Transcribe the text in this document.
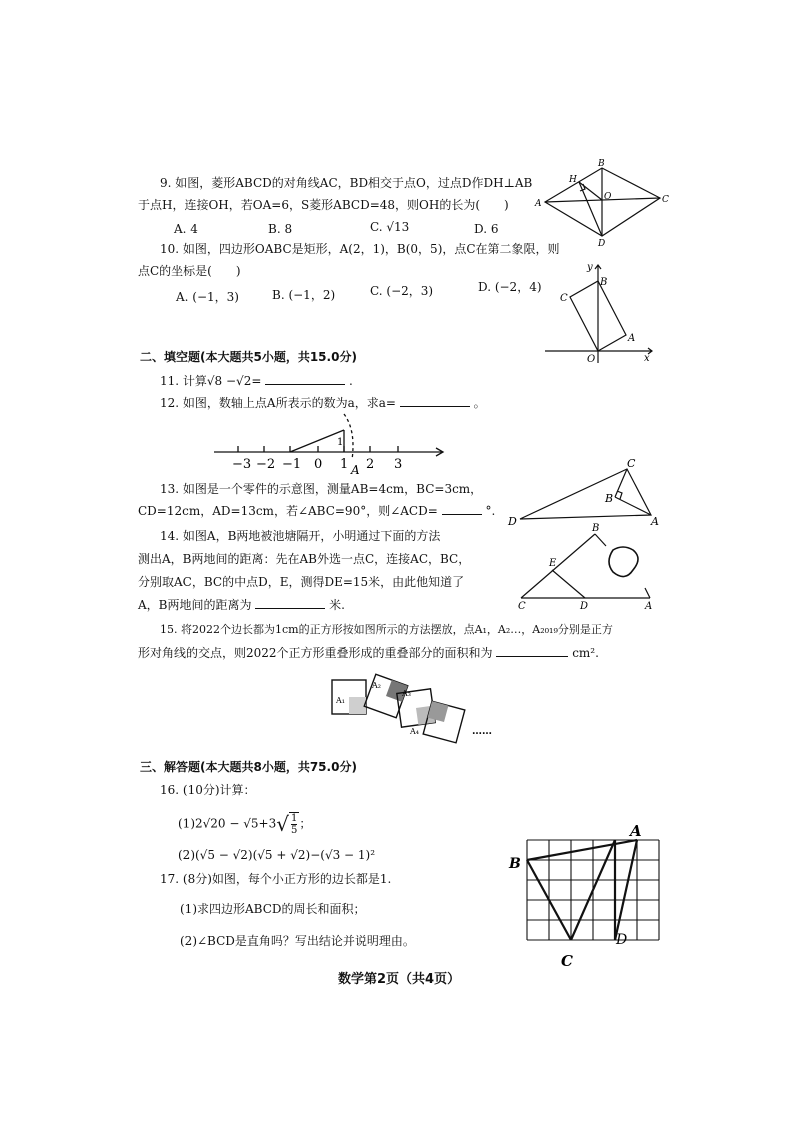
9. 如图，菱形ABCD的对角线AC，BD相交于点O，过点D作DH⊥AB
于点H，连接OH，若OA=6，S菱形ABCD=48，则OH的长为(　　)
A. 4	B. 8	C. √13	D. 6
A
B
C
D
H
O
10. 如图，四边形OABC是矩形，A(2，1)，B(0，5)，点C在第二象限，则
点C的坐标是(　　)
A. (−1，3)	B. (−1，2)	C. (−2，3)	D. (−2，4)
y
x
O
A
B
C
二、填空题(本大题共5小题，共15.0分)
11. 计算√8 −√2=	.
12. 如图，数轴上点A所表示的数为a，求a=	。
−3 −2 −1 0 1 2 3
A
1
13. 如图是一个零件的示意图，测量AB=4cm，BC=3cm，
CD=12cm，AD=13cm，若∠ABC=90°，则∠ACD=	°.
C
B
A
D
14. 如图A，B两地被池塘隔开，小明通过下面的方法
测出A，B两地间的距离：先在AB外选一点C，连接AC，BC，
分别取AC，BC的中点D，E，测得DE=15米，由此他知道了
A，B两地间的距离为	米.
B
E
C	D	A
15. 将2022个边长都为1cm的正方形按如图所示的方法摆放，点A₁，A₂…，A₂₀₁₉分别是正方
形对角线的交点，则2022个正方形重叠形成的重叠部分的面积和为	cm².
A₁
A₂
A₃
A₄	……
三、解答题(本大题共8小题，共75.0分)
16. (10分)计算：
$(1)2√20 - √5+3√ \frac{1}{5}$ ；
(2)(√5 − √2)(√5 + √2)−(√3 − 1)²
17. (8分)如图，每个小正方形的边长都是1.
(1)求四边形ABCD的周长和面积；
(2)∠BCD是直角吗？写出结论并说明理由。
A
B
C
D
数学第2页（共4页）
